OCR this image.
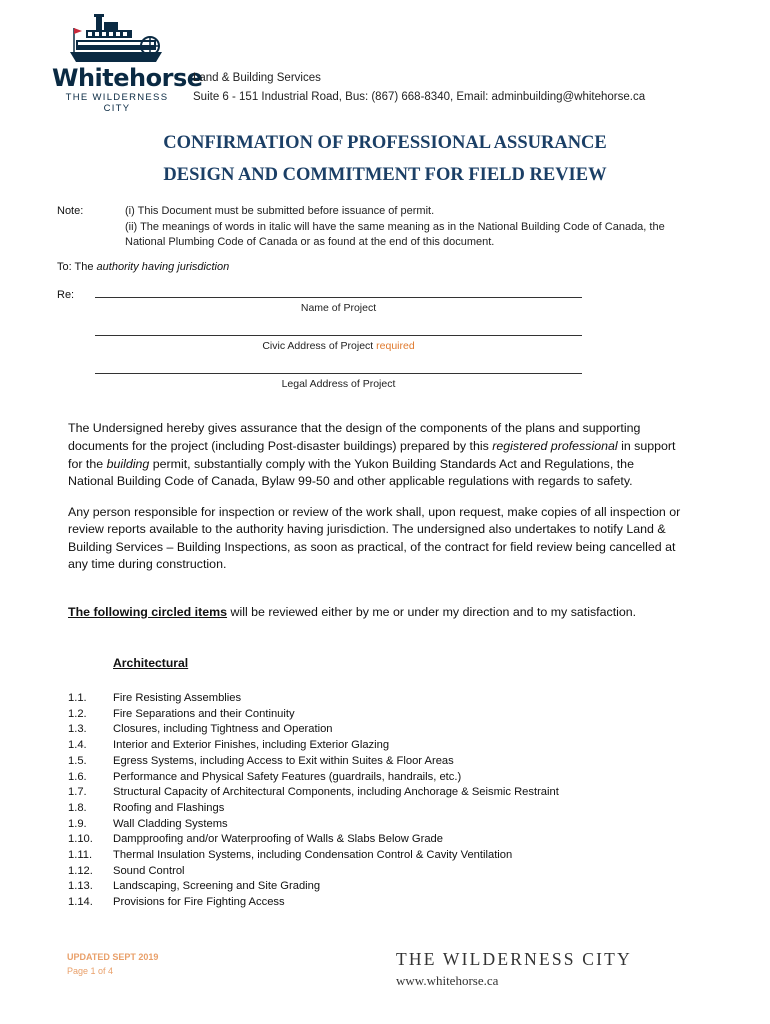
Whitehorse
THE WILDERNESS CITY
Land & Building Services
Suite 6 - 151 Industrial Road, Bus: (867) 668-8340, Email: adminbuilding@whitehorse.ca
CONFIRMATION OF PROFESSIONAL ASSURANCE
DESIGN AND COMMITMENT FOR FIELD REVIEW
Note:	(i) This Document must be submitted before issuance of permit.
(ii) The meanings of words in italic will have the same meaning as in the National Building Code of Canada, the
National Plumbing Code of Canada or as found at the end of this document.
To: The authority having jurisdiction
Re:
Name of Project
Civic Address of Project required
Legal Address of Project
The Undersigned hereby gives assurance that the design of the components of the plans and supporting
documents for the project (including Post-disaster buildings) prepared by this registered professional in support
for the building permit, substantially comply with the Yukon Building Standards Act and Regulations, the
National Building Code of Canada, Bylaw 99-50 and other applicable regulations with regards to safety.
Any person responsible for inspection or review of the work shall, upon request, make copies of all inspection or
review reports available to the authority having jurisdiction. The undersigned also undertakes to notify Land &
Building Services – Building Inspections, as soon as practical, of the contract for field review being cancelled at
any time during construction.
The following circled items will be reviewed either by me or under my direction and to my satisfaction.
Architectural
1.1. Fire Resisting Assemblies
1.2. Fire Separations and their Continuity
1.3. Closures, including Tightness and Operation
1.4. Interior and Exterior Finishes, including Exterior Glazing
1.5. Egress Systems, including Access to Exit within Suites & Floor Areas
1.6. Performance and Physical Safety Features (guardrails, handrails, etc.)
1.7. Structural Capacity of Architectural Components, including Anchorage & Seismic Restraint
1.8. Roofing and Flashings
1.9. Wall Cladding Systems
1.10. Dampproofing and/or Waterproofing of Walls & Slabs Below Grade
1.11. Thermal Insulation Systems, including Condensation Control & Cavity Ventilation
1.12. Sound Control
1.13. Landscaping, Screening and Site Grading
1.14. Provisions for Fire Fighting Access
UPDATED SEPT 2019
Page 1 of 4
THE WILDERNESS CITY
www.whitehorse.ca
